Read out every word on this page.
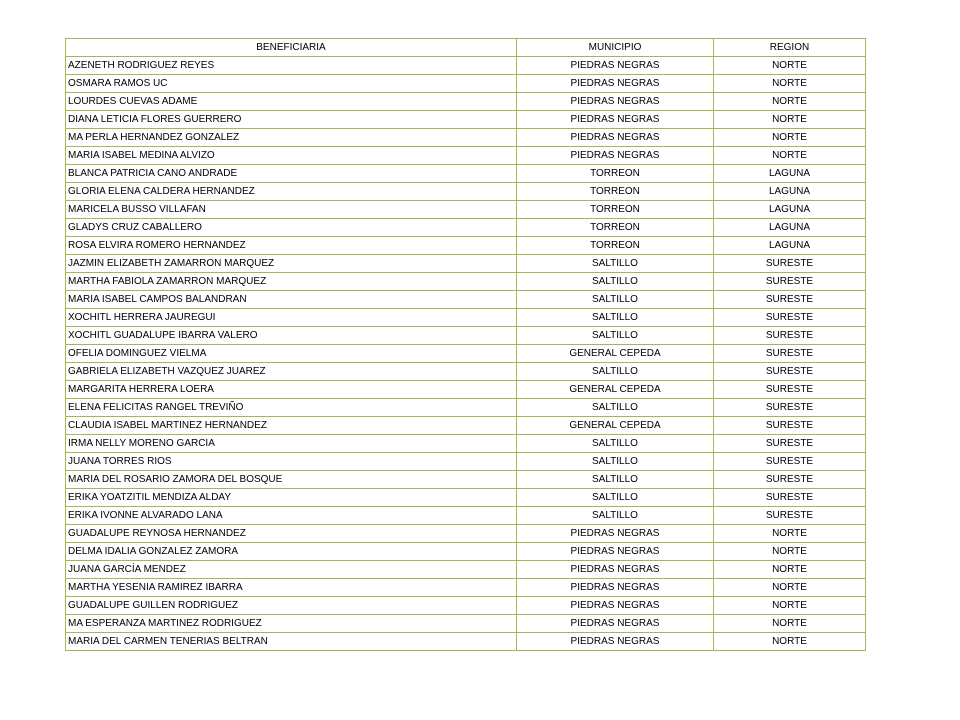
BENEFICIARIA	MUNICIPIO	REGION
AZENETH RODRIGUEZ REYES	PIEDRAS NEGRAS	NORTE
OSMARA RAMOS UC	PIEDRAS NEGRAS	NORTE
LOURDES CUEVAS ADAME	PIEDRAS NEGRAS	NORTE
DIANA LETICIA FLORES GUERRERO	PIEDRAS NEGRAS	NORTE
MA PERLA HERNANDEZ GONZALEZ	PIEDRAS NEGRAS	NORTE
MARIA ISABEL MEDINA ALVIZO	PIEDRAS NEGRAS	NORTE
BLANCA PATRICIA CANO ANDRADE	TORREON	LAGUNA
GLORIA ELENA CALDERA HERNANDEZ	TORREON	LAGUNA
MARICELA BUSSO VILLAFAN	TORREON	LAGUNA
GLADYS CRUZ CABALLERO	TORREON	LAGUNA
ROSA ELVIRA ROMERO HERNANDEZ	TORREON	LAGUNA
JAZMIN ELIZABETH ZAMARRON MARQUEZ	SALTILLO	SURESTE
MARTHA FABIOLA ZAMARRON MARQUEZ	SALTILLO	SURESTE
MARIA ISABEL CAMPOS BALANDRAN	SALTILLO	SURESTE
XOCHITL HERRERA JAUREGUI	SALTILLO	SURESTE
XOCHITL GUADALUPE IBARRA VALERO	SALTILLO	SURESTE
OFELIA DOMINGUEZ VIELMA	GENERAL CEPEDA	SURESTE
GABRIELA ELIZABETH VAZQUEZ JUAREZ	SALTILLO	SURESTE
MARGARITA HERRERA LOERA	GENERAL CEPEDA	SURESTE
ELENA FELICITAS RANGEL TREVIÑO	SALTILLO	SURESTE
CLAUDIA ISABEL MARTINEZ HERNANDEZ	GENERAL CEPEDA	SURESTE
IRMA NELLY MORENO GARCIA	SALTILLO	SURESTE
JUANA TORRES RIOS	SALTILLO	SURESTE
MARIA DEL ROSARIO ZAMORA DEL BOSQUE	SALTILLO	SURESTE
ERIKA YOATZITIL MENDIZA ALDAY	SALTILLO	SURESTE
ERIKA IVONNE ALVARADO LANA	SALTILLO	SURESTE
GUADALUPE REYNOSA HERNANDEZ	PIEDRAS NEGRAS	NORTE
DELMA IDALIA GONZALEZ ZAMORA	PIEDRAS NEGRAS	NORTE
JUANA GARCÍA MENDEZ	PIEDRAS NEGRAS	NORTE
MARTHA YESENIA RAMIREZ IBARRA	PIEDRAS NEGRAS	NORTE
GUADALUPE GUILLEN RODRIGUEZ	PIEDRAS NEGRAS	NORTE
MA ESPERANZA MARTINEZ RODRIGUEZ	PIEDRAS NEGRAS	NORTE
MARIA DEL CARMEN TENERIAS BELTRAN	PIEDRAS NEGRAS	NORTE
